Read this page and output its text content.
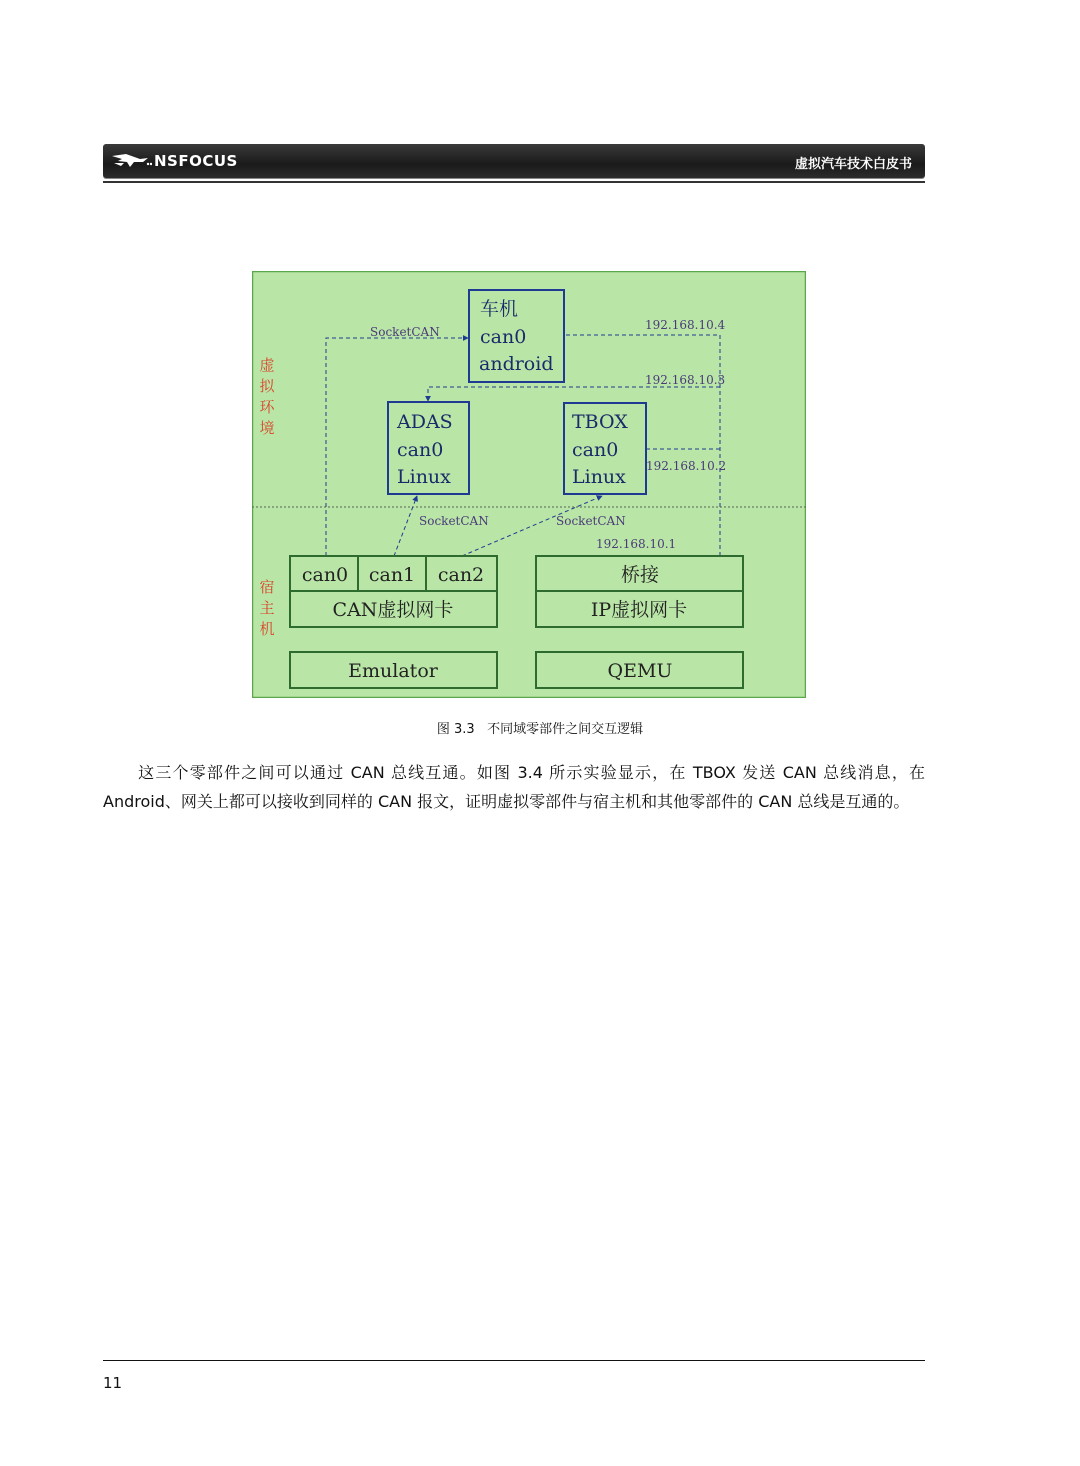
NSFOCUS	虚拟汽车技术白皮书
虚
拟
环
境
宿
主
机
SocketCAN	192.168.10.4
192.168.10.3
192.168.10.2
SocketCAN	SocketCAN
192.168.10.1
车机
can0
android
ADAS
can0
Linux
TBOX
can0
Linux
can0 can1 can2
CAN虚拟网卡
桥接
IP虚拟网卡
Emulator	QEMU
图 3.3 不同域零部件之间交互逻辑
这三个零部件之间可以通过 CAN 总线互通。如图 3.4 所示实验显示，在 TBOX 发送 CAN 总线消息，在 Android、网关上都可以接收到同样的 CAN 报文，证明虚拟零部件与宿主机和其他零部件的 CAN 总线是互通的。
11
